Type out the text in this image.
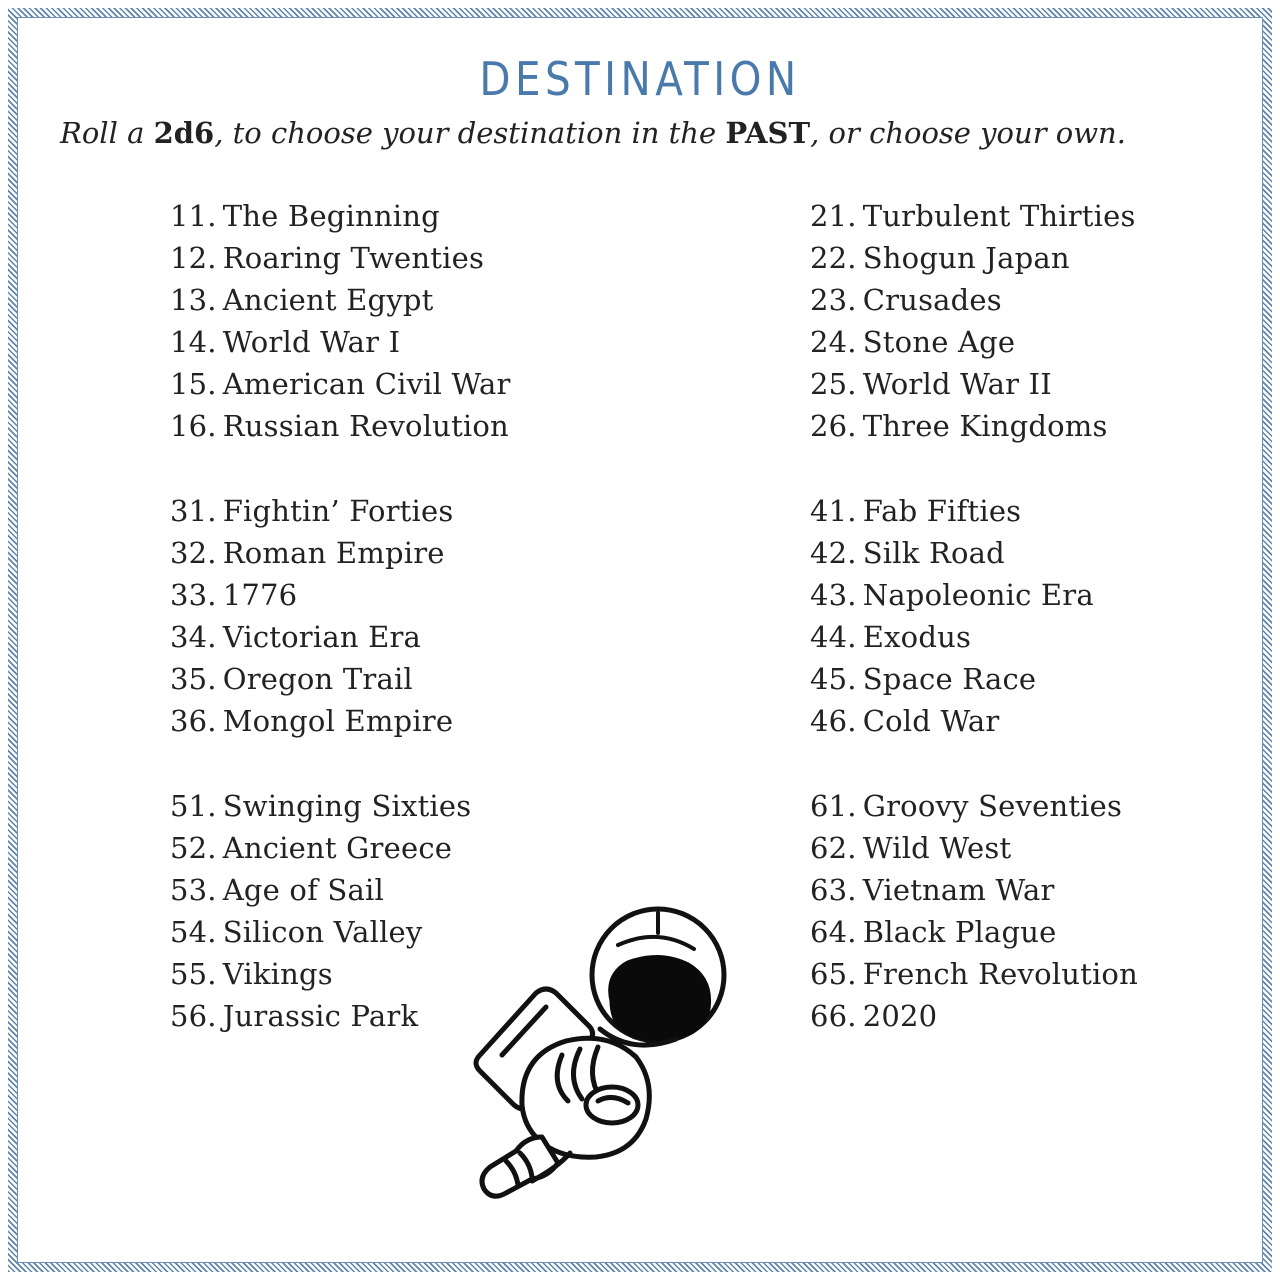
DESTINATION
Roll a 2d6, to choose your destination in the PAST, or choose your own.
11. The Beginning
12. Roaring Twenties
13. Ancient Egypt
14. World War I
15. American Civil War
16. Russian Revolution
21. Turbulent Thirties
22. Shogun Japan
23. Crusades
24. Stone Age
25. World War II
26. Three Kingdoms
31. Fightin’ Forties
32. Roman Empire
33. 1776
34. Victorian Era
35. Oregon Trail
36. Mongol Empire
41. Fab Fifties
42. Silk Road
43. Napoleonic Era
44. Exodus
45. Space Race
46. Cold War
51. Swinging Sixties
52. Ancient Greece
53. Age of Sail
54. Silicon Valley
55. Vikings
56. Jurassic Park
61. Groovy Seventies
62. Wild West
63. Vietnam War
64. Black Plague
65. French Revolution
66. 2020
